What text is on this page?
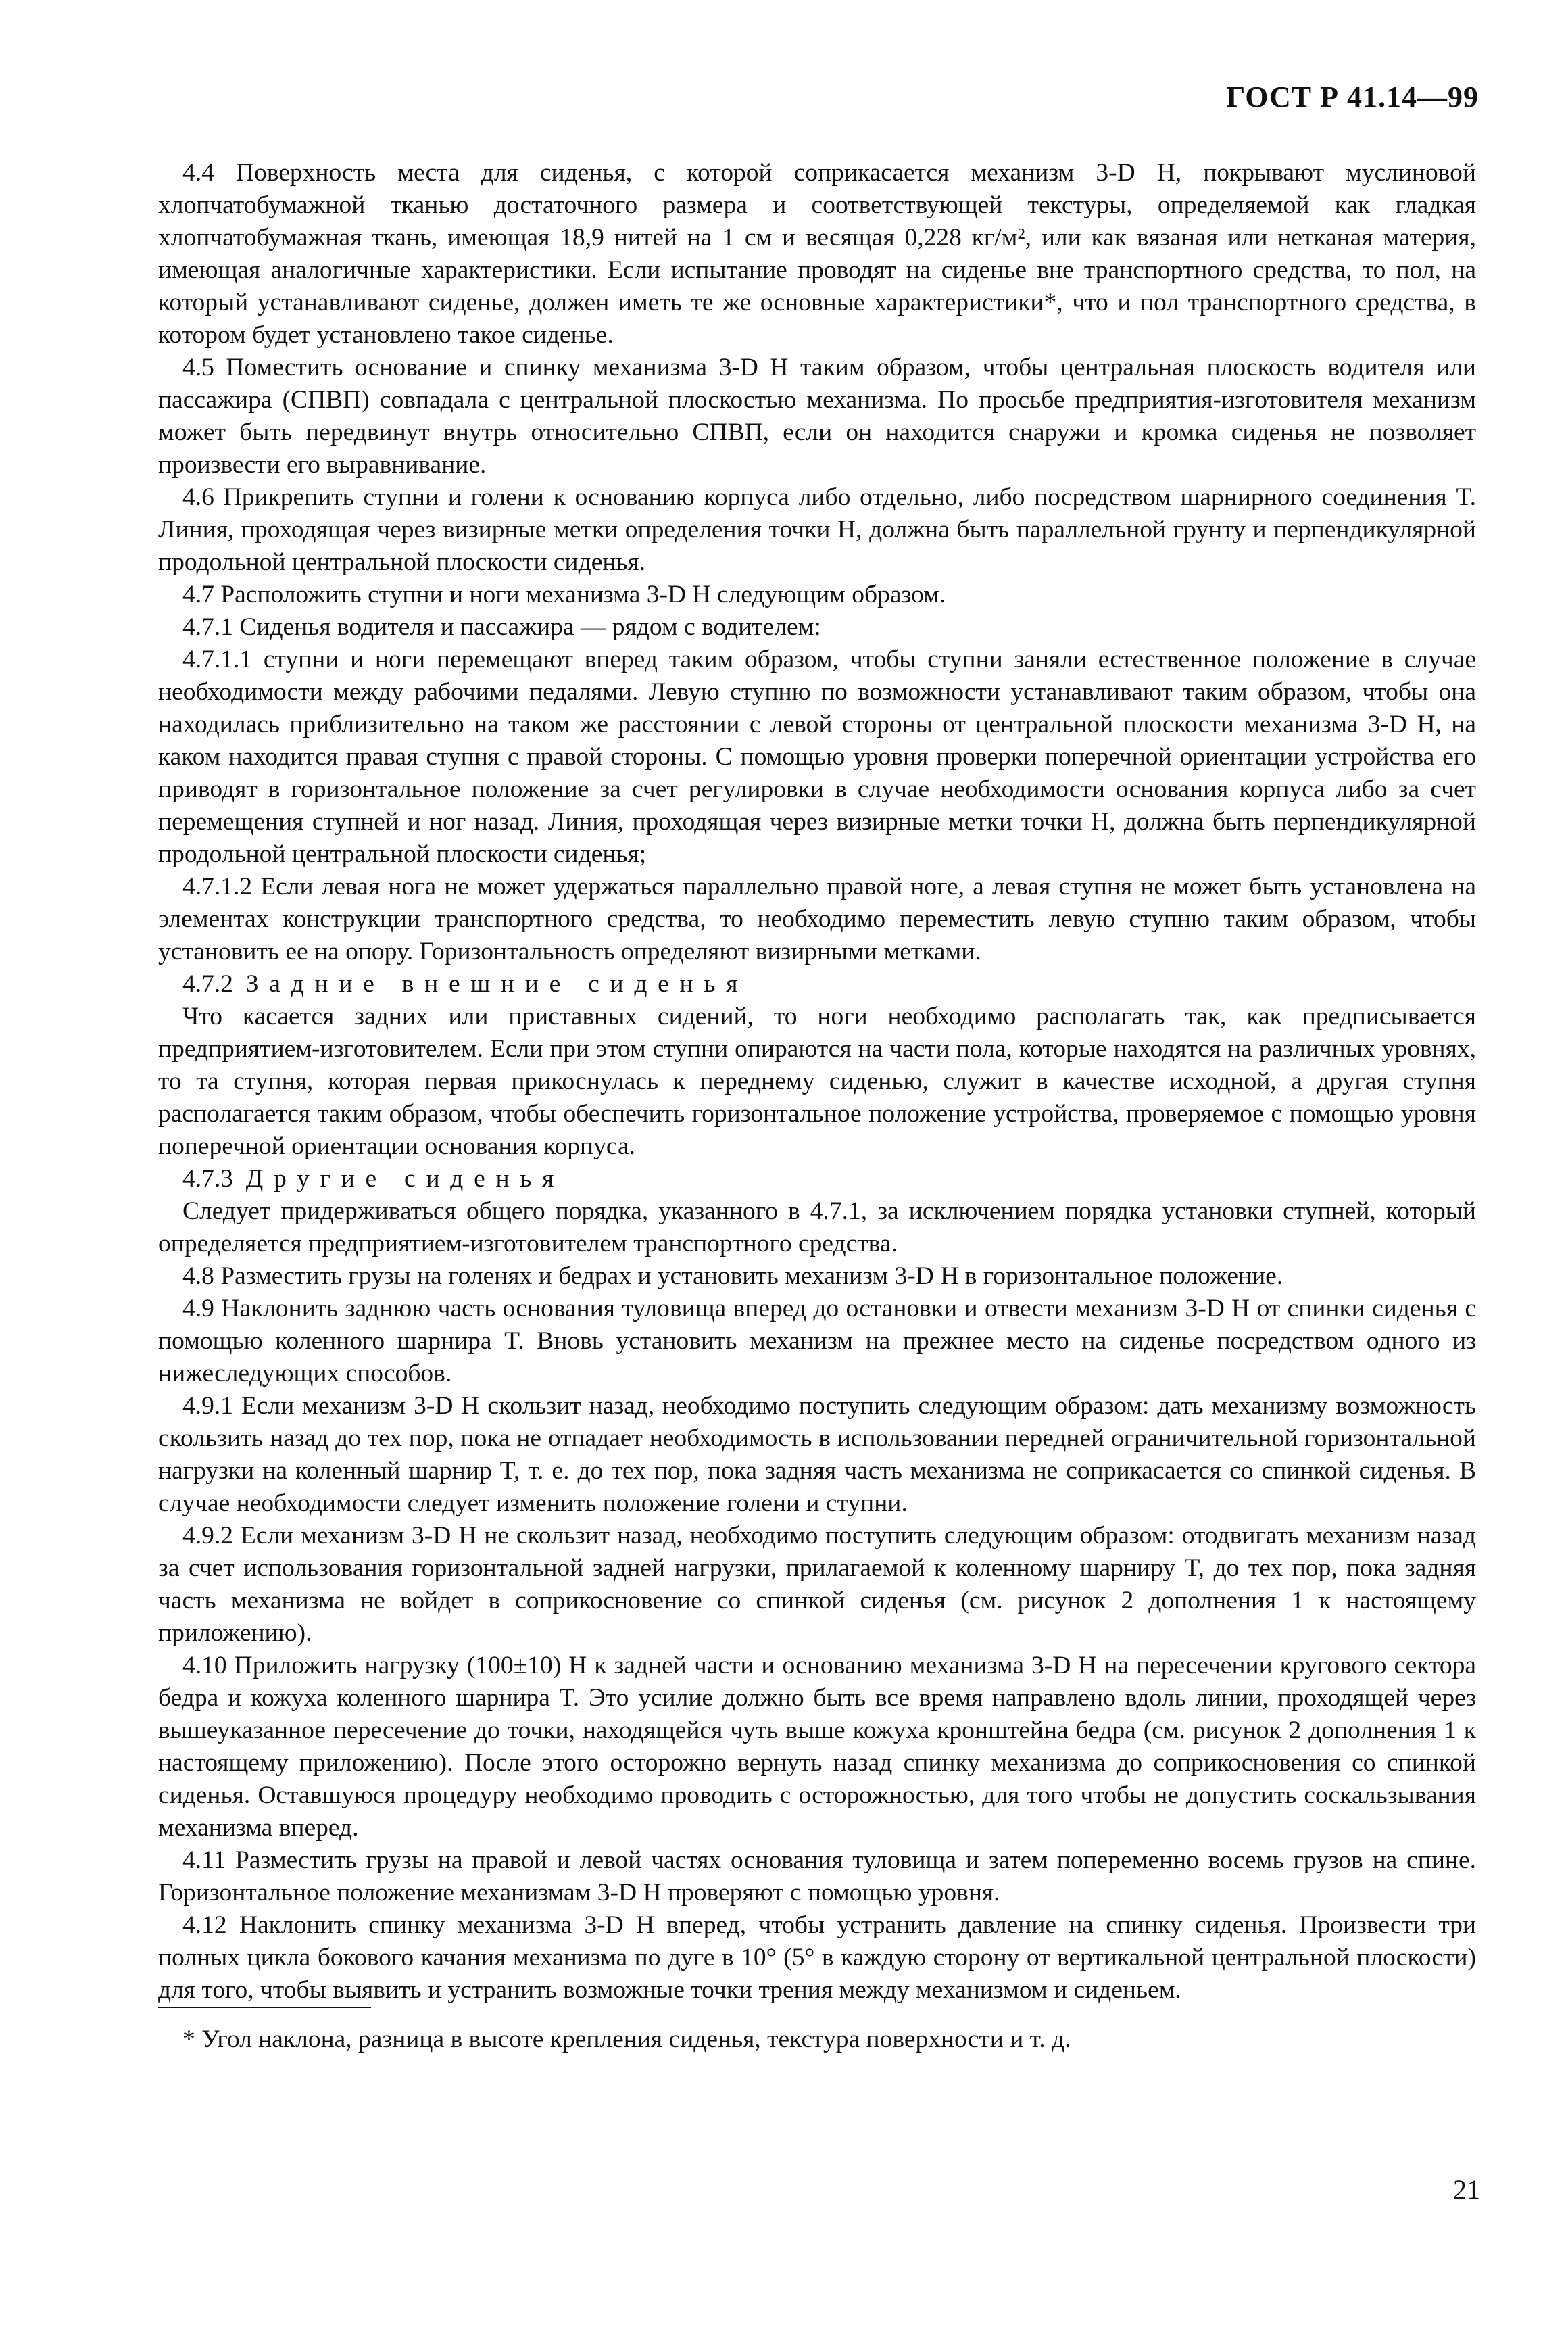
ГОСТ Р 41.14—99

4.4 Поверхность места для сиденья, с которой соприкасается механизм 3-D H, покрывают муслиновой хлопчатобумажной тканью достаточного размера и соответствующей текстуры, определяемой как гладкая хлопчатобумажная ткань, имеющая 18,9 нитей на 1 см и весящая 0,228 кг/м², или как вязаная или нетканая материя, имеющая аналогичные характеристики. Если испытание проводят на сиденье вне транспортного средства, то пол, на который устанавливают сиденье, должен иметь те же основные характеристики*, что и пол транспортного средства, в котором будет установлено такое сиденье.

4.5 Поместить основание и спинку механизма 3-D H таким образом, чтобы центральная плоскость водителя или пассажира (СПВП) совпадала с центральной плоскостью механизма. По просьбе предприятия-изготовителя механизм может быть передвинут внутрь относительно СПВП, если он находится снаружи и кромка сиденья не позволяет произвести его выравнивание.

4.6 Прикрепить ступни и голени к основанию корпуса либо отдельно, либо посредством шарнирного соединения T. Линия, проходящая через визирные метки определения точки H, должна быть параллельной грунту и перпендикулярной продольной центральной плоскости сиденья.

4.7 Расположить ступни и ноги механизма 3-D H следующим образом.

4.7.1 Сиденья водителя и пассажира — рядом с водителем:

4.7.1.1 ступни и ноги перемещают вперед таким образом, чтобы ступни заняли естественное положение в случае необходимости между рабочими педалями. Левую ступню по возможности устанавливают таким образом, чтобы она находилась приблизительно на таком же расстоянии с левой стороны от центральной плоскости механизма 3-D H, на каком находится правая ступня с правой стороны. С помощью уровня проверки поперечной ориентации устройства его приводят в горизонтальное положение за счет регулировки в случае необходимости основания корпуса либо за счет перемещения ступней и ног назад. Линия, проходящая через визирные метки точки H, должна быть перпендикулярной продольной центральной плоскости сиденья;

4.7.1.2 Если левая нога не может удержаться параллельно правой ноге, а левая ступня не может быть установлена на элементах конструкции транспортного средства, то необходимо переместить левую ступню таким образом, чтобы установить ее на опору. Горизонтальность определяют визирными метками.

4.7.2 Задние внешние сиденья

Что касается задних или приставных сидений, то ноги необходимо располагать так, как предписывается предприятием-изготовителем. Если при этом ступни опираются на части пола, которые находятся на различных уровнях, то та ступня, которая первая прикоснулась к переднему сиденью, служит в качестве исходной, а другая ступня располагается таким образом, чтобы обеспечить горизонтальное положение устройства, проверяемое с помощью уровня поперечной ориентации основания корпуса.

4.7.3 Другие сиденья

Следует придерживаться общего порядка, указанного в 4.7.1, за исключением порядка установки ступней, который определяется предприятием-изготовителем транспортного средства.

4.8 Разместить грузы на голенях и бедрах и установить механизм 3-D H в горизонтальное положение.

4.9 Наклонить заднюю часть основания туловища вперед до остановки и отвести механизм 3-D H от спинки сиденья с помощью коленного шарнира T. Вновь установить механизм на прежнее место на сиденье посредством одного из нижеследующих способов.

4.9.1 Если механизм 3-D H скользит назад, необходимо поступить следующим образом: дать механизму возможность скользить назад до тех пор, пока не отпадает необходимость в использовании передней ограничительной горизонтальной нагрузки на коленный шарнир T, т. е. до тех пор, пока задняя часть механизма не соприкасается со спинкой сиденья. В случае необходимости следует изменить положение голени и ступни.

4.9.2 Если механизм 3-D H не скользит назад, необходимо поступить следующим образом: отодвигать механизм назад за счет использования горизонтальной задней нагрузки, прилагаемой к коленному шарниру T, до тех пор, пока задняя часть механизма не войдет в соприкосновение со спинкой сиденья (см. рисунок 2 дополнения 1 к настоящему приложению).

4.10 Приложить нагрузку (100±10) Н к задней части и основанию механизма 3-D H на пересечении кругового сектора бедра и кожуха коленного шарнира T. Это усилие должно быть все время направлено вдоль линии, проходящей через вышеуказанное пересечение до точки, находящейся чуть выше кожуха кронштейна бедра (см. рисунок 2 дополнения 1 к настоящему приложению). После этого осторожно вернуть назад спинку механизма до соприкосновения со спинкой сиденья. Оставшуюся процедуру необходимо проводить с осторожностью, для того чтобы не допустить соскальзывания механизма вперед.

4.11 Разместить грузы на правой и левой частях основания туловища и затем попеременно восемь грузов на спине. Горизонтальное положение механизмам 3-D H проверяют с помощью уровня.

4.12 Наклонить спинку механизма 3-D H вперед, чтобы устранить давление на спинку сиденья. Произвести три полных цикла бокового качания механизма по дуге в 10° (5° в каждую сторону от вертикальной центральной плоскости) для того, чтобы выявить и устранить возможные точки трения между механизмом и сиденьем.

* Угол наклона, разница в высоте крепления сиденья, текстура поверхности и т. д.
21
